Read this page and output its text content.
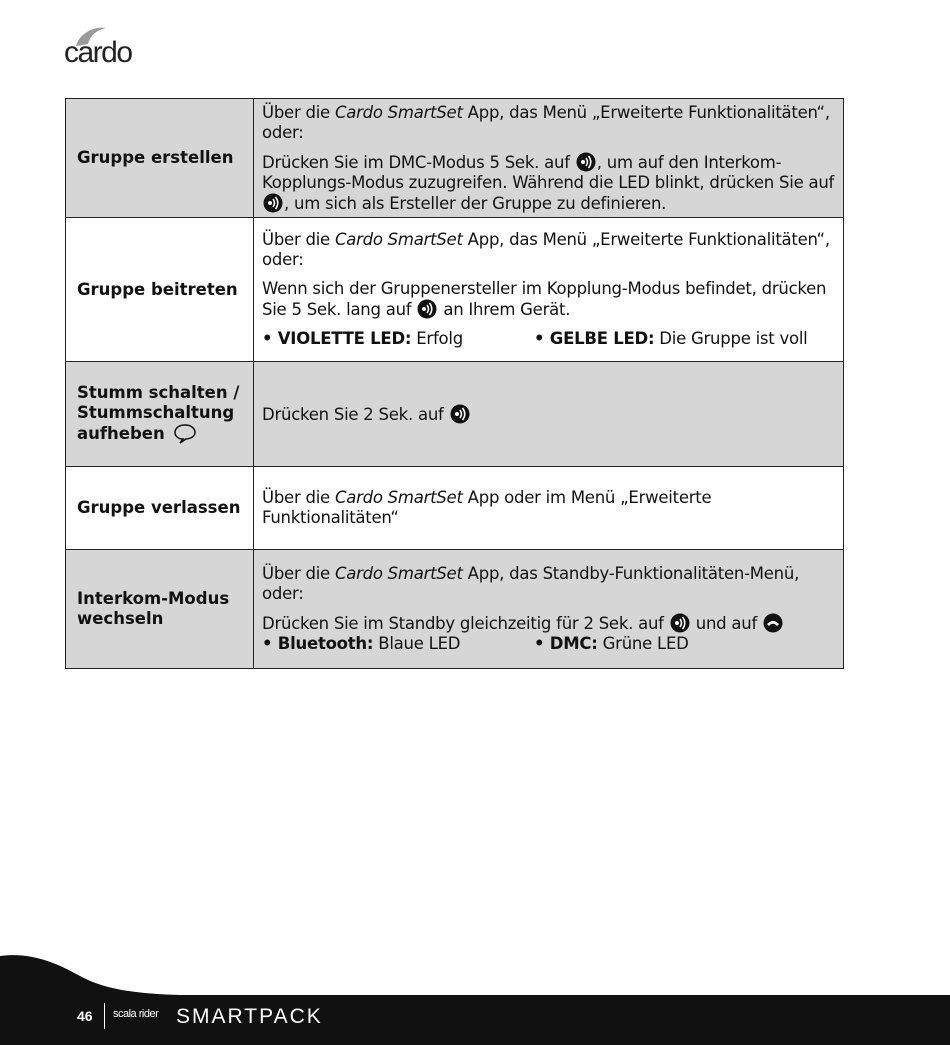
cardo
Gruppe erstellen	Über die Cardo SmartSet App, das Menü „Erweiterte Funktionalitäten“, oder:

Drücken Sie im DMC-Modus 5 Sek. auf , um auf den Interkom-Kopplungs-Modus zuzugreifen. Während die LED blinkt, drücken Sie auf , um sich als Ersteller der Gruppe zu definieren.

Gruppe beitreten	Über die Cardo SmartSet App, das Menü „Erweiterte Funktionalitäten“, oder:

Wenn sich der Gruppenersteller im Kopplung-Modus befindet, drücken Sie 5 Sek. lang auf  an Ihrem Gerät.

• VIOLETTE LED: Erfolg • GELBE LED: Die Gruppe ist voll

Stumm schalten / Stummschaltung aufheben	Drücken Sie 2 Sek. auf

Gruppe verlassen	Über die Cardo SmartSet App oder im Menü „Erweiterte Funktionalitäten“

Interkom-Modus wechseln	Über die Cardo SmartSet App, das Standby-Funktionalitäten-Menü, oder:

Drücken Sie im Standby gleichzeitig für 2 Sek. auf  und auf

• Bluetooth: Blaue LED • DMC: Grüne LED
46 scala rider SMARTPACK
